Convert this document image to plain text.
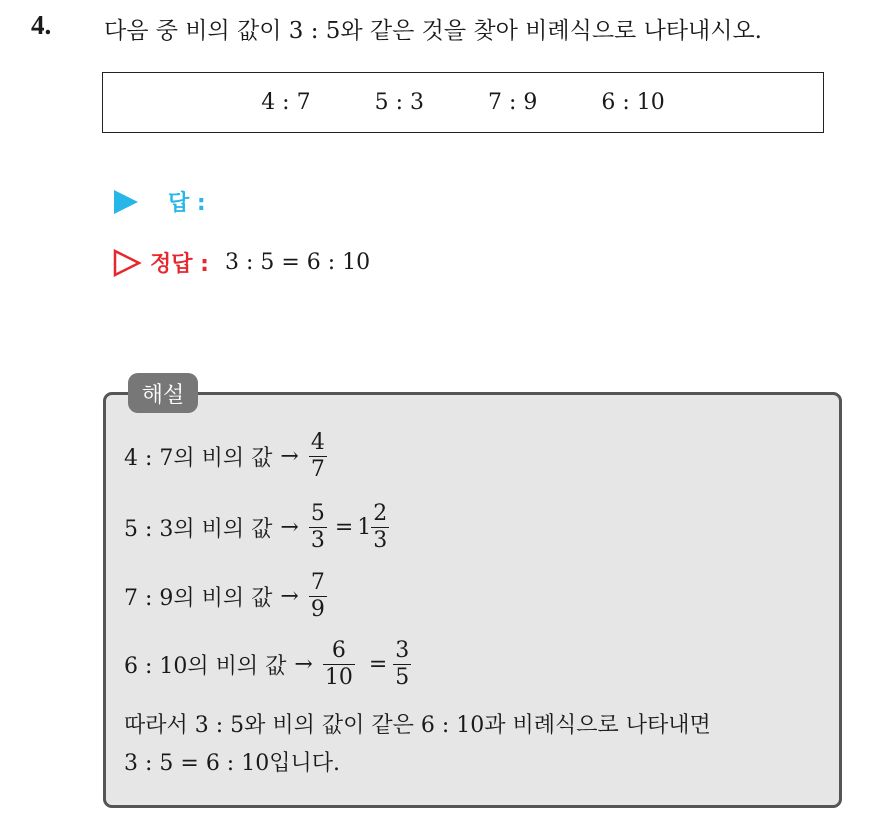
4. 다음 중 비의 값이 3 : 5와 같은 것을 찾아 비례식으로 나타내시오.
4 : 7	5 : 3	7 : 9	6 : 10
답 :
정답 : 3 : 5 = 6 : 10
해설
4 : 7의 비의 값 → $\frac{4}{7}$
5 : 3의 비의 값 → $\frac{5}{3} = 1 \frac{2}{3}$
7 : 9의 비의 값 → $\frac{7}{9}$
6 : 10의 비의 값 → $\frac{6}{10} = \frac{3}{5}$
따라서 3 : 5와 비의 값이 같은 6 : 10과 비례식으로 나타내면
3 : 5 = 6 : 10입니다.
